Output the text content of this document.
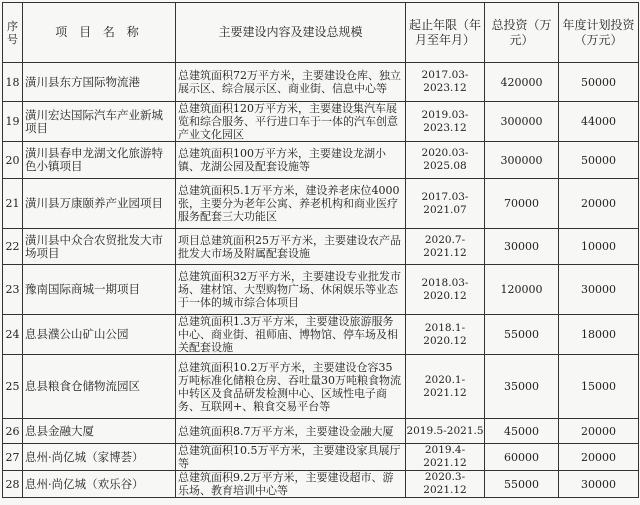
序号	项 目 名 称	主要建设内容及建设总规模	起止年限（年月至年月）	总投资（万元）	年度计划投资（万元）
18	潢川县东方国际物流港	总建筑面积72万平方米，主要建设仓库、独立展示区、综合展示区、商业街、信息中心等	2017.03-2023.12	420000	50000
19	潢川宏达国际汽车产业新城项目	总建筑面积120万平方米，主要建设集汽车展览和综合服务、平行进口车于一体的汽车创意产业文化园区	2019.03-2023.12	300000	44000
20	潢川县春申龙湖文化旅游特色小镇项目	总建筑面积100万平方米，主要建设龙湖小镇、龙湖公园及配套设施等	2020.03-2025.08	300000	50000
21	潢川县万康颐养产业园项目	总建筑面积5.1万平方米，建设养老床位4000张，主要分为老年公寓、养老机构和商业医疗服务配套三大功能区	2017.03-2021.07	70000	20000
22	潢川县中众合农贸批发大市场项目	项目总建筑面积25万平方米，主要建设农产品批发大市场及附属配套设施	2020.7-2021.12	30000	10000
23	豫南国际商城一期项目	总建筑面积32万平方米，主要建设专业批发市场、建材馆、大型购物广场、休闲娱乐等业态于一体的城市综合体项目	2018.03-2020.12	120000	30000
24	息县濮公山矿山公园	总建筑面积1.3万平方米，主要建设旅游服务中心、商业街、祖师庙、博物馆、停车场及相关配套设施	2018.1-2020.12	55000	18000
25	息县粮食仓储物流园区	总建筑面积10.2万平方米，主要建设仓容35万吨标准化储粮仓房、吞吐量30万吨粮食物流中转区及食品研发检测中心、区域性电子商务、互联网+、粮食交易平台等	2020.1-2021.12	35000	15000
26	息县金融大厦	总建筑面积8.7万平方米，主要建设金融大厦	2019.5-2021.5	45000	20000
27	息州·尚亿城（家博荟）	总建筑面积10.5万平方米，主要建设家具展厅等	2019.4-2021.12	60000	20000
28	息州·尚亿城（欢乐谷）	总建筑面积9.2万平方米，主要建设超市、游乐场、教育培训中心等	2020.3-2021.12	55000	30000
